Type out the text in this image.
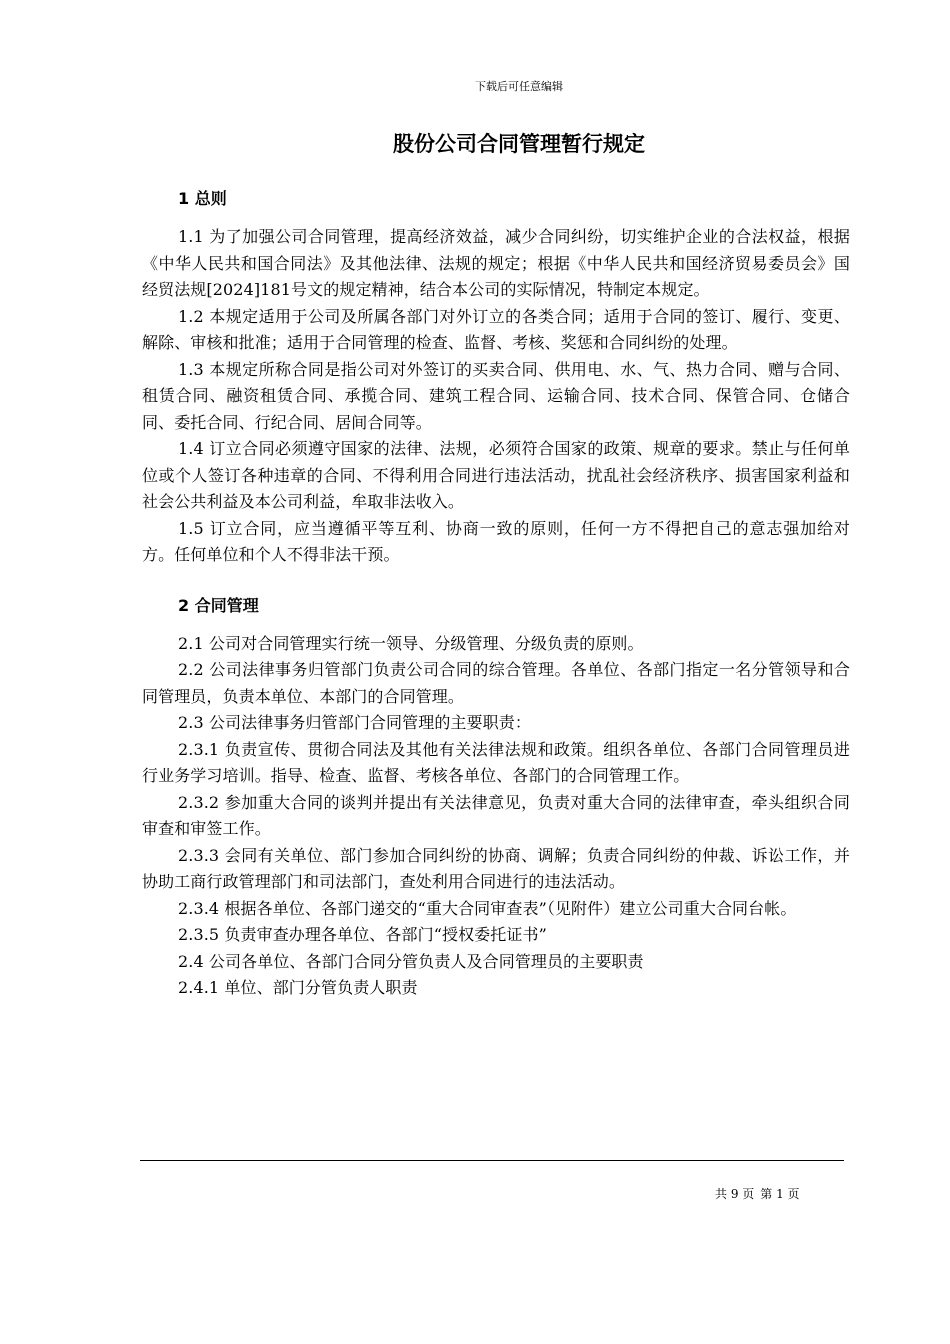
下载后可任意编辑
股份公司合同管理暂行规定

1 总则

1.1 为了加强公司合同管理，提高经济效益，减少合同纠纷，切实维护企业的合法权益，根据《中华人民共和国合同法》及其他法律、法规的规定；根据《中华人民共和国经济贸易委员会》国经贸法规[2024]181号文的规定精神，结合本公司的实际情况，特制定本规定。

1.2 本规定适用于公司及所属各部门对外订立的各类合同；适用于合同的签订、履行、变更、解除、审核和批准；适用于合同管理的检查、监督、考核、奖惩和合同纠纷的处理。

1.3 本规定所称合同是指公司对外签订的买卖合同、供用电、水、气、热力合同、赠与合同、租赁合同、融资租赁合同、承揽合同、建筑工程合同、运输合同、技术合同、保管合同、仓储合同、委托合同、行纪合同、居间合同等。

1.4 订立合同必须遵守国家的法律、法规，必须符合国家的政策、规章的要求。禁止与任何单位或个人签订各种违章的合同、不得利用合同进行违法活动，扰乱社会经济秩序、损害国家利益和社会公共利益及本公司利益，牟取非法收入。

1.5 订立合同，应当遵循平等互利、协商一致的原则，任何一方不得把自己的意志强加给对方。任何单位和个人不得非法干预。

2 合同管理

2.1 公司对合同管理实行统一领导、分级管理、分级负责的原则。

2.2 公司法律事务归管部门负责公司合同的综合管理。各单位、各部门指定一名分管领导和合同管理员，负责本单位、本部门的合同管理。

2.3 公司法律事务归管部门合同管理的主要职责：

2.3.1 负责宣传、贯彻合同法及其他有关法律法规和政策。组织各单位、各部门合同管理员进行业务学习培训。指导、检查、监督、考核各单位、各部门的合同管理工作。

2.3.2 参加重大合同的谈判并提出有关法律意见，负责对重大合同的法律审查，牵头组织合同审查和审签工作。

2.3.3 会同有关单位、部门参加合同纠纷的协商、调解；负责合同纠纷的仲裁、诉讼工作，并协助工商行政管理部门和司法部门，查处利用合同进行的违法活动。

2.3.4 根据各单位、各部门递交的“重大合同审查表”（见附件）建立公司重大合同台帐。

2.3.5 负责审查办理各单位、各部门“授权委托证书”

2.4 公司各单位、各部门合同分管负责人及合同管理员的主要职责

2.4.1 单位、部门分管负责人职责

共 9 页 第 1 页
